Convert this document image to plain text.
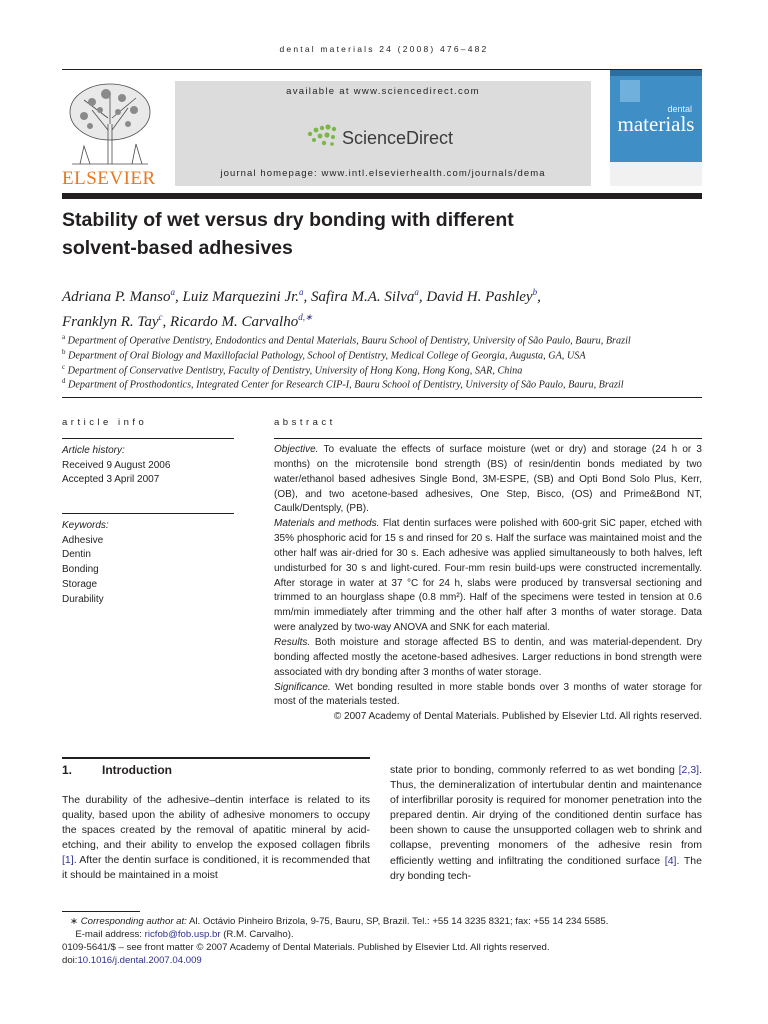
dental materials 24 (2008) 476–482
ELSEVIER
available at www.sciencedirect.com
ScienceDirect
journal homepage: www.intl.elsevierhealth.com/journals/dema
dental
materials
Stability of wet versus dry bonding with different
solvent-based adhesives
Adriana P. Manso$^a$, Luiz Marquezini Jr.$^a$, Safira M.A. Silva$^a$, David H. Pashley$^b$,
Franklyn R. Tay$^c$, Ricardo M. Carvalho$^{d,∗}$
$^a$ Department of Operative Dentistry, Endodontics and Dental Materials, Bauru School of Dentistry, University of São Paulo, Bauru, Brazil
$^b$ Department of Oral Biology and Maxillofacial Pathology, School of Dentistry, Medical College of Georgia, Augusta, GA, USA
$^c$ Department of Conservative Dentistry, Faculty of Dentistry, University of Hong Kong, Hong Kong, SAR, China
$^d$ Department of Prosthodontics, Integrated Center for Research CIP-I, Bauru School of Dentistry, University of São Paulo, Bauru, Brazil
article info
Article history:
Received 9 August 2006
Accepted 3 April 2007
Keywords:
Adhesive
Dentin
Bonding
Storage
Durability
abstract

Objective. To evaluate the effects of surface moisture (wet or dry) and storage (24 h or 3 months) on the microtensile bond strength (BS) of resin/dentin bonds mediated by two water/ethanol based adhesives Single Bond, 3M-ESPE, (SB) and Opti Bond Solo Plus, Kerr, (OB), and two acetone-based adhesives, One Step, Bisco, (OS) and Prime&Bond NT, Caulk/Dentsply, (PB).

Materials and methods. Flat dentin surfaces were polished with 600-grit SiC paper, etched with 35% phosphoric acid for 15 s and rinsed for 20 s. Half the surface was maintained moist and the other half was air-dried for 30 s. Each adhesive was applied simultaneously to both halves, left undisturbed for 30 s and light-cured. Four-mm resin build-ups were constructed incrementally. After storage in water at 37 °C for 24 h, slabs were produced by transversal sectioning and trimmed to an hourglass shape (0.8 mm²). Half of the specimens were tested in tension at 0.6 mm/min immediately after trimming and the other half after 3 months of water storage. Data were analyzed by two-way ANOVA and SNK for each material.

Results. Both moisture and storage affected BS to dentin, and was material-dependent. Dry bonding affected mostly the acetone-based adhesives. Larger reductions in bond strength were associated with dry bonding after 3 months of water storage.

Significance. Wet bonding resulted in more stable bonds over 3 months of water storage for most of the materials tested.

© 2007 Academy of Dental Materials. Published by Elsevier Ltd. All rights reserved.

1. Introduction
The durability of the adhesive–dentin interface is related to its quality, based upon the ability of adhesive monomers to occupy the spaces created by the removal of apatitic mineral by acid-etching, and their ability to envelop the exposed collagen fibrils [1]. After the dentin surface is conditioned, it is recommended that it should be maintained in a moist
state prior to bonding, commonly referred to as wet bonding [2,3]. Thus, the demineralization of intertubular dentin and maintenance of interfibrillar porosity is required for monomer penetration into the prepared dentin. Air drying of the conditioned dentin surface has been shown to cause the unsupported collagen web to shrink and collapse, preventing monomers of the adhesive resin from efficiently wetting and infiltrating the conditioned surface [4]. The dry bonding tech-
∗ Corresponding author at: Al. Octávio Pinheiro Brizola, 9-75, Bauru, SP, Brazil. Tel.: +55 14 3235 8321; fax: +55 14 234 5585.
E-mail address: ricfob@fob.usp.br (R.M. Carvalho).
0109-5641/$ – see front matter © 2007 Academy of Dental Materials. Published by Elsevier Ltd. All rights reserved.
doi:10.1016/j.dental.2007.04.009
